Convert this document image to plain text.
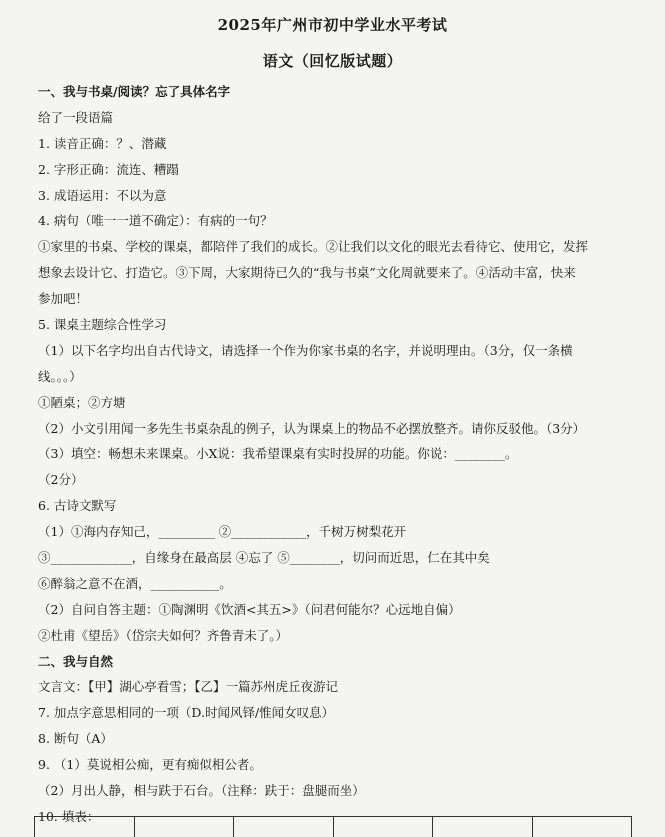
2025年广州市初中学业水平考试
语文（回忆版试题）
一、我与书桌/阅读？忘了具体名字
给了一段语篇
1. 读音正确：？、潜藏
2. 字形正确：流连、糟蹋
3. 成语运用：不以为意
4. 病句（唯一一道不确定）：有病的一句？
①家里的书桌、学校的课桌，都陪伴了我们的成长。②让我们以文化的眼光去看待它、使用它，发挥
想象去设计它、打造它。③下周，大家期待已久的“我与书桌”文化周就要来了。④活动丰富，快来
参加吧！
5. 课桌主题综合性学习
（1）以下名字均出自古代诗文，请选择一个作为你家书桌的名字，并说明理由。（3分，仅一条横
线。。。）
①陋桌；②方塘
（2）小文引用闻一多先生书桌杂乱的例子，认为课桌上的物品不必摆放整齐。请你反驳他。（3分）
（3）填空：畅想未来课桌。小X说：我希望课桌有实时投屏的功能。你说：________。
（2分）
6. 古诗文默写
（1）①海内存知己，_________ ②____________，千树万树梨花开
③_____________，自缘身在最高层 ④忘了 ⑤________，切问而近思，仁在其中矣
⑥醉翁之意不在酒，___________。
（2）自问自答主题：①陶渊明《饮酒<其五>》（问君何能尔？心远地自偏）
②杜甫《望岳》（岱宗夫如何？齐鲁青未了。）
二、我与自然
文言文：【甲】湖心亭看雪；【乙】一篇苏州虎丘夜游记
7. 加点字意思相同的一项（D.时闻风铎/惟闻女叹息）
8. 断句（A）
9. （1）莫说相公痴，更有痴似相公者。
（2）月出人静，相与趺于石台。（注释：趺于：盘腿而坐）
10. 填表：
